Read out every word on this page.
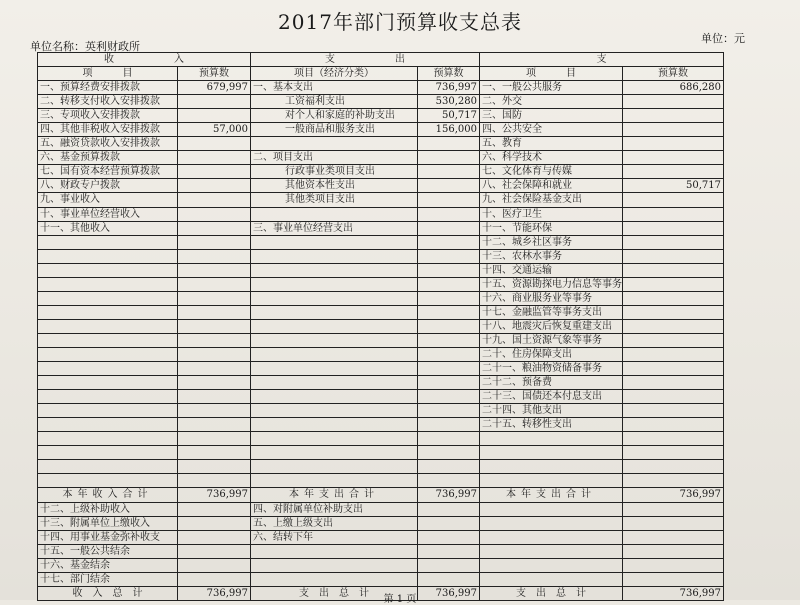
2017年部门预算收支总表
单位名称：英利财政所
单位：元
收　　　　　　入		支　　　　　　出		支	
项　　　目	预算数	项目（经济分类）	预算数	项　　　目	预算数
一、预算经费安排拨款	679,997	一、基本支出	736,997	一、一般公共服务	686,280
二、转移支付收入安排拨款		工资福利支出	530,280	二、外交	
三、专项收入安排拨款		对个人和家庭的补助支出	50,717	三、国防	
四、其他非税收入安排拨款	57,000	一般商品和服务支出	156,000	四、公共安全	
五、融资贷款收入安排拨款				五、教育	
六、基金预算拨款		二、项目支出		六、科学技术	
七、国有资本经营预算拨款		行政事业类项目支出		七、文化体育与传媒	
八、财政专户拨款		其他资本性支出		八、社会保障和就业	50,717
九、事业收入		其他类项目支出		九、社会保险基金支出	
十、事业单位经营收入				十、医疗卫生	
十一、其他收入		三、事业单位经营支出		十一、节能环保	
				十二、城乡社区事务	
				十三、农林水事务	
				十四、交通运输	
				十五、资源勘探电力信息等事务	
				十六、商业服务业等事务	
				十七、金融监管等事务支出	
				十八、地震灾后恢复重建支出	
				十九、国土资源气象等事务	
				二十、住房保障支出	
				二十一、粮油物资储备事务	
				二十二、预备费	
				二十三、国债还本付息支出	
				二十四、其他支出	
				二十五、转移性支出	

本年收入合计	736,997	本年支出合计	736,997	本年支出合计	736,997
十二、上级补助收入		四、对附属单位补助支出			
十三、附属单位上缴收入		五、上缴上级支出			
十四、用事业基金弥补收支		六、结转下年			
十五、一般公共结余					
十六、基金结余					
十七、部门结余					
收　入　总　计	736,997	支　出　总　计	736,997	支　出　总　计	736,997
第 1 页
